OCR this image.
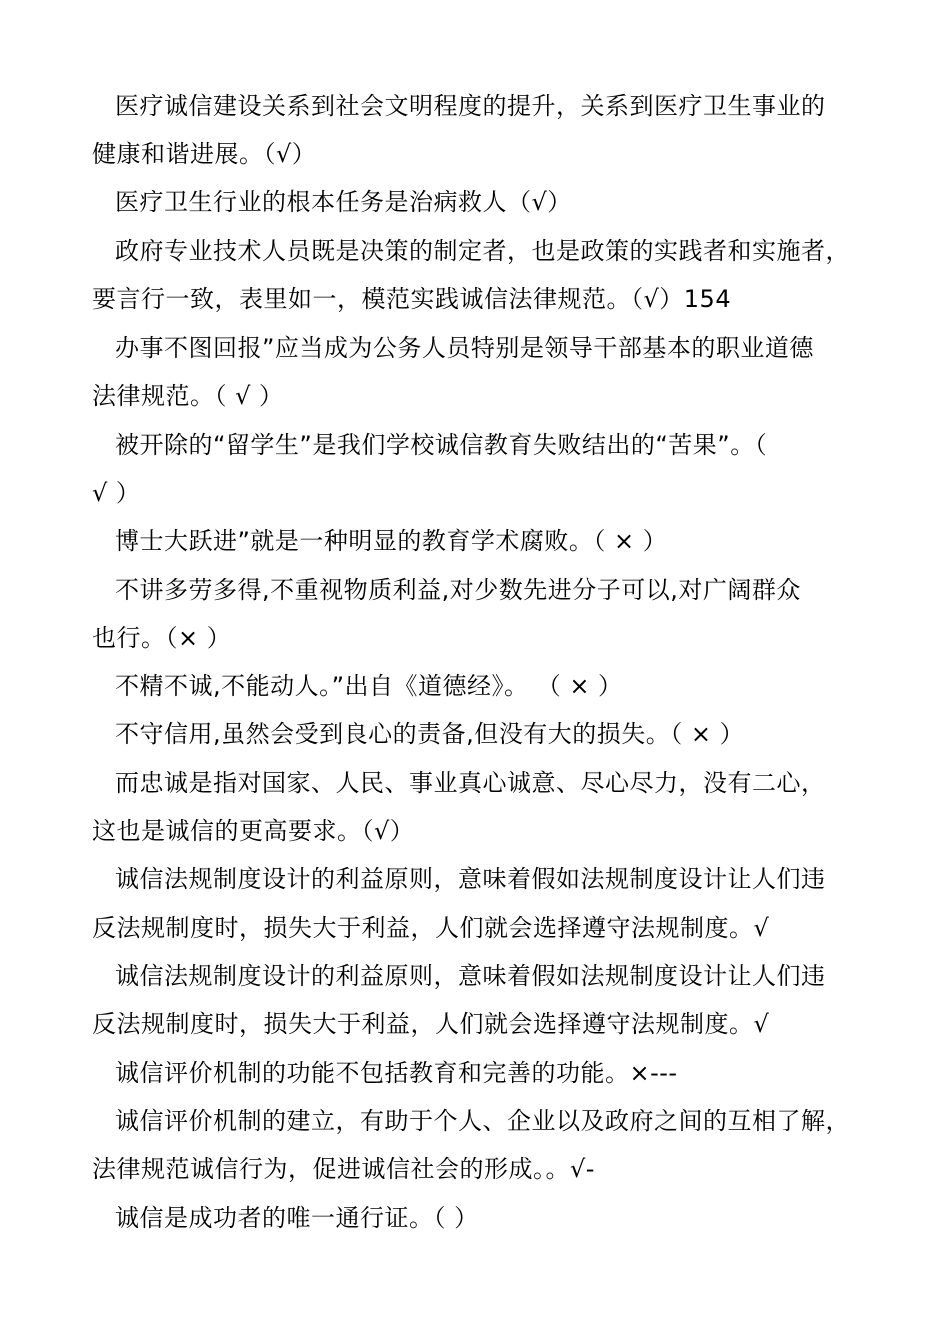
医疗诚信建设关系到社会文明程度的提升，关系到医疗卫生事业的
健康和谐进展。（√）
医疗卫生行业的根本任务是治病救人（√）
政府专业技术人员既是决策的制定者，也是政策的实践者和实施者，
要言行一致，表里如一，模范实践诚信法律规范。（√）154
办事不图回报”应当成为公务人员特别是领导干部基本的职业道德
法律规范。（ √ ）
被开除的“留学生”是我们学校诚信教育失败结出的“苦果”。（
√ ）
博士大跃进”就是一种明显的教育学术腐败。（ × ）
不讲多劳多得,不重视物质利益,对少数先进分子可以,对广阔群众
也行。（× ）
不精不诚,不能动人。”出自《道德经》。 （ × ）
不守信用,虽然会受到良心的责备,但没有大的损失。（ × ）
而忠诚是指对国家、人民、事业真心诚意、尽心尽力，没有二心，
这也是诚信的更高要求。（√）
诚信法规制度设计的利益原则，意味着假如法规制度设计让人们违
反法规制度时，损失大于利益，人们就会选择遵守法规制度。√
诚信法规制度设计的利益原则，意味着假如法规制度设计让人们违
反法规制度时，损失大于利益，人们就会选择遵守法规制度。√
诚信评价机制的功能不包括教育和完善的功能。×---
诚信评价机制的建立，有助于个人、企业以及政府之间的互相了解，
法律规范诚信行为，促进诚信社会的形成。。√-
诚信是成功者的唯一通行证。（ ）
